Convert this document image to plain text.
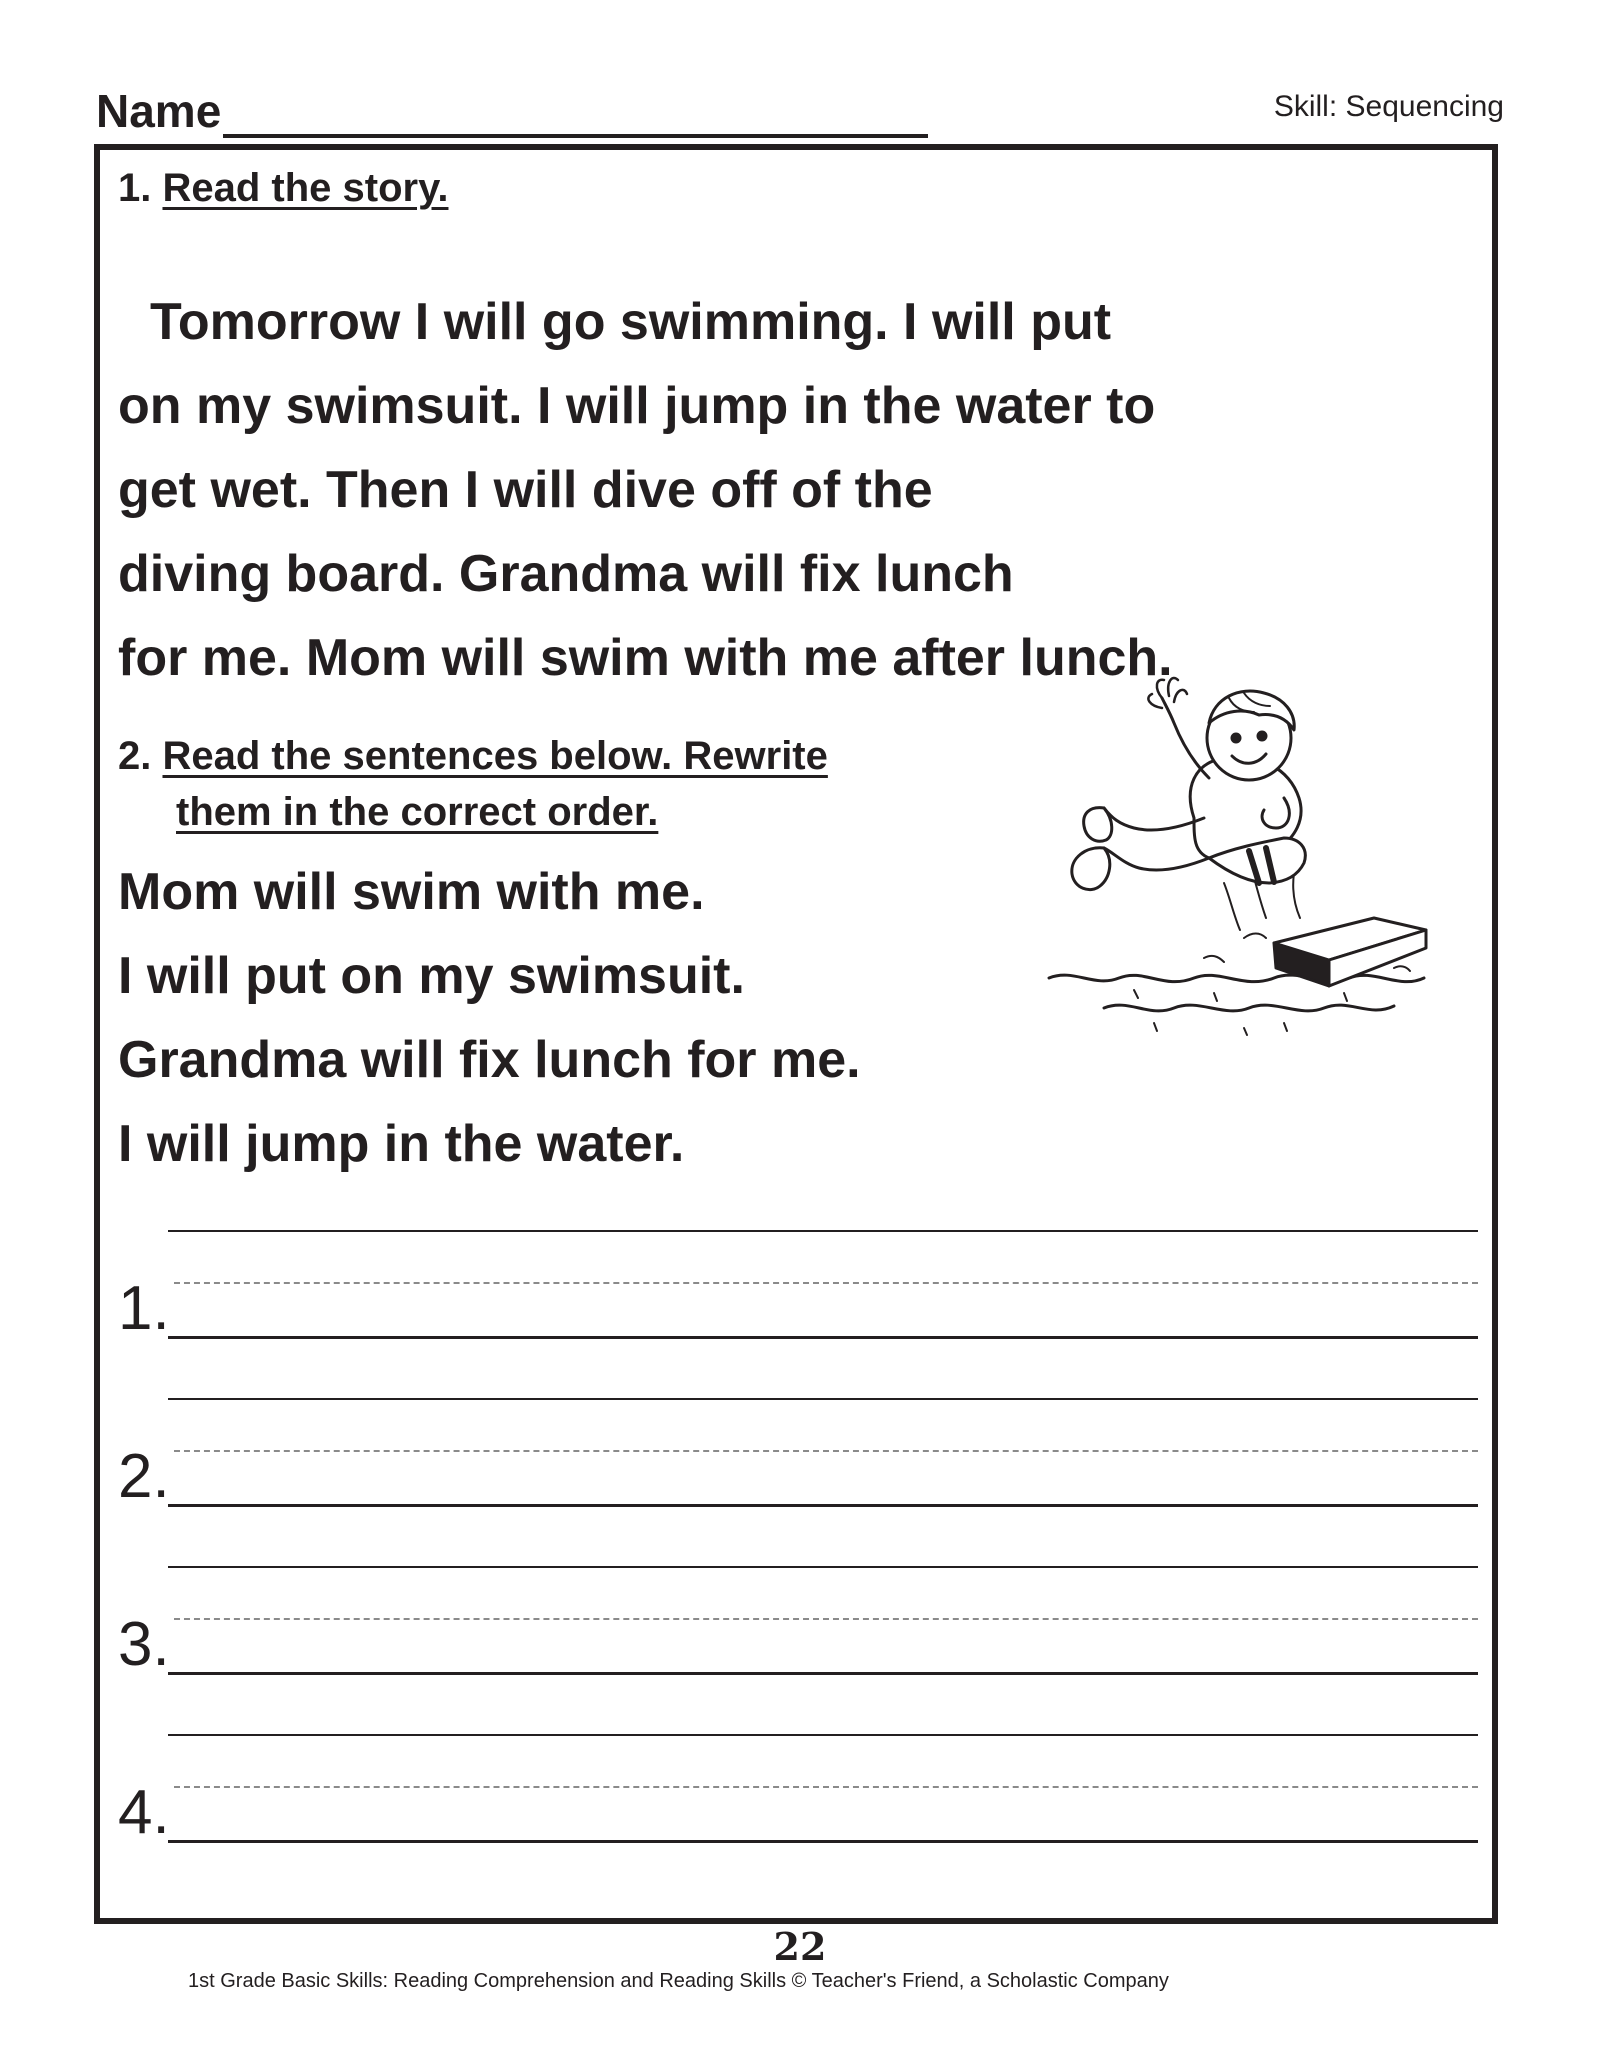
Name	Skill: Sequencing
1. Read the story.

Tomorrow I will go swimming. I will put

on my swimsuit. I will jump in the water to

get wet. Then I will dive off of the

diving board. Grandma will fix lunch

for me. Mom will swim with me after lunch.

2. Read the sentences below. Rewrite
them in the correct order.

Mom will swim with me.

I will put on my swimsuit.

Grandma will fix lunch for me.

I will jump in the water.

1.
2.
3.
4.
22
1st Grade Basic Skills: Reading Comprehension and Reading Skills © Teacher's Friend, a Scholastic Company
